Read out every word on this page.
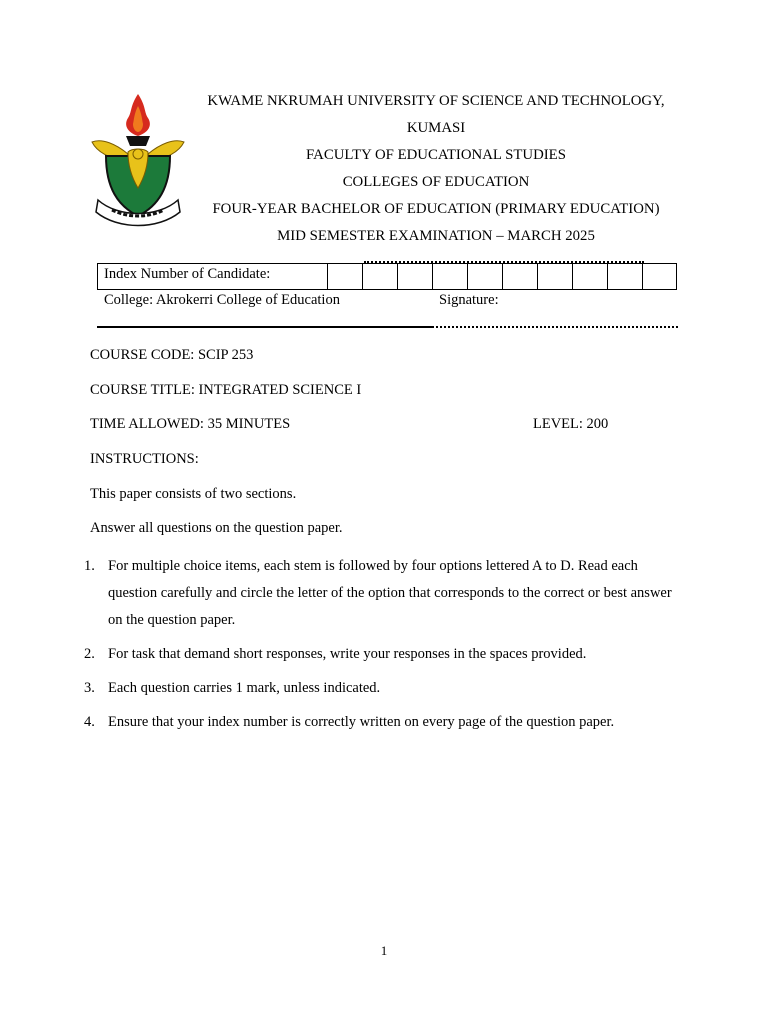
KWAME NKRUMAH UNIVERSITY OF SCIENCE AND TECHNOLOGY,
KUMASI
FACULTY OF EDUCATIONAL STUDIES
COLLEGES OF EDUCATION
FOUR-YEAR BACHELOR OF EDUCATION (PRIMARY EDUCATION)
MID SEMESTER EXAMINATION – MARCH 2025
Index Number of Candidate:
College: Akrokerri College of Education	Signature:
COURSE CODE: SCIP 253
COURSE TITLE: INTEGRATED SCIENCE I
TIME ALLOWED: 35 MINUTES	LEVEL: 200
INSTRUCTIONS:
This paper consists of two sections.
Answer all questions on the question paper.
1. For multiple choice items, each stem is followed by four options lettered A to D. Read each question carefully and circle the letter of the option that corresponds to the correct or best answer on the question paper.
2. For task that demand short responses, write your responses in the spaces provided.
3. Each question carries 1 mark, unless indicated.
4. Ensure that your index number is correctly written on every page of the question paper.
1
